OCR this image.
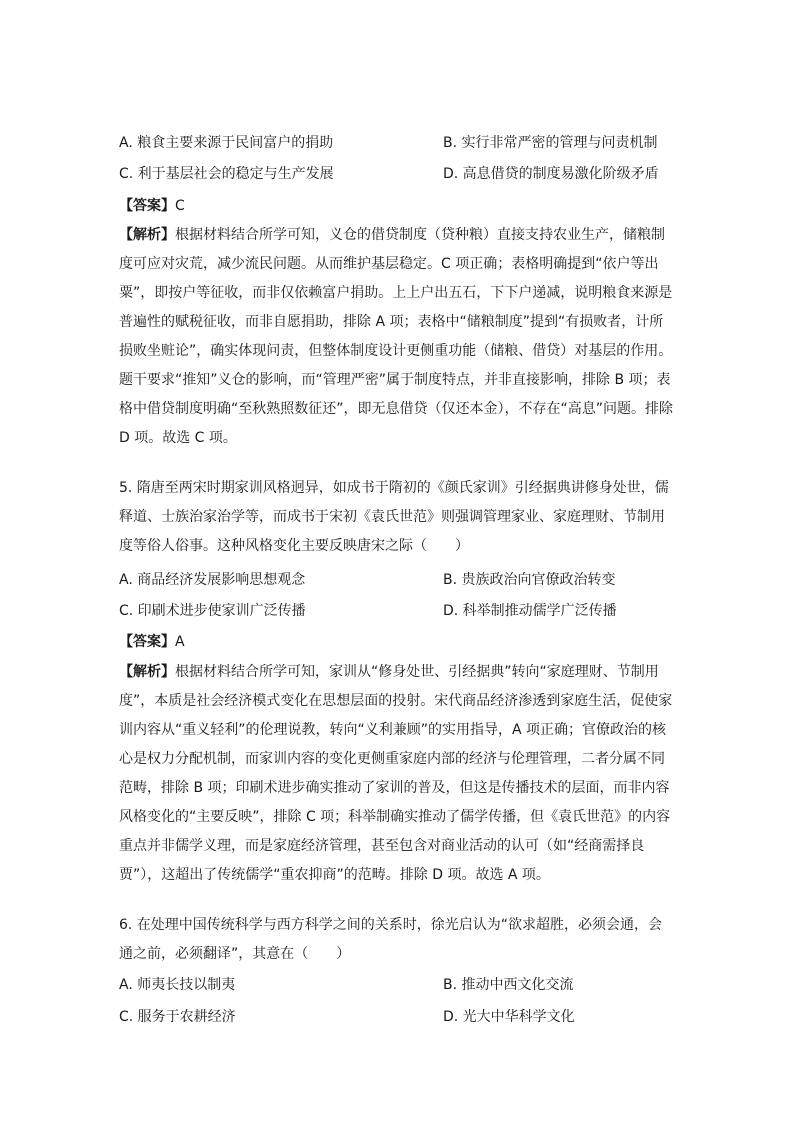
A. 粮食主要来源于民间富户的捐助	B. 实行非常严密的管理与问责机制
C. 利于基层社会的稳定与生产发展	D. 高息借贷的制度易激化阶级矛盾
【答案】C
【解析】根据材料结合所学可知，义仓的借贷制度（贷种粮）直接支持农业生产，储粮制
度可应对灾荒，减少流民问题。从而维护基层稳定。C 项正确；表格明确提到“依户等出
粟”，即按户等征收，而非仅依赖富户捐助。上上户出五石，下下户递减，说明粮食来源是
普遍性的赋税征收，而非自愿捐助，排除 A 项；表格中“储粮制度”提到“有损败者，计所
损败坐赃论”，确实体现问责，但整体制度设计更侧重功能（储粮、借贷）对基层的作用。
题干要求“推知”义仓的影响，而“管理严密”属于制度特点，并非直接影响，排除 B 项；表
格中借贷制度明确“至秋熟照数征还”，即无息借贷（仅还本金），不存在“高息”问题。排除
D 项。故选 C 项。
5. 隋唐至两宋时期家训风格迥异，如成书于隋初的《颜氏家训》引经据典讲修身处世，儒
释道、士族治家治学等，而成书于宋初《袁氏世范》则强调管理家业、家庭理财、节制用
度等俗人俗事。这种风格变化主要反映唐宋之际（　　）
A. 商品经济发展影响思想观念	B. 贵族政治向官僚政治转变
C. 印刷术进步使家训广泛传播	D. 科举制推动儒学广泛传播
【答案】A
【解析】根据材料结合所学可知，家训从“修身处世、引经据典”转向“家庭理财、节制用
度”，本质是社会经济模式变化在思想层面的投射。宋代商品经济渗透到家庭生活，促使家
训内容从“重义轻利”的伦理说教，转向“义利兼顾”的实用指导，A 项正确；官僚政治的核
心是权力分配机制，而家训内容的变化更侧重家庭内部的经济与伦理管理，二者分属不同
范畴，排除 B 项；印刷术进步确实推动了家训的普及，但这是传播技术的层面，而非内容
风格变化的“主要反映”，排除 C 项；科举制确实推动了儒学传播，但《袁氏世范》的内容
重点并非儒学义理，而是家庭经济管理，甚至包含对商业活动的认可（如“经商需择良
贾”），这超出了传统儒学“重农抑商”的范畴。排除 D 项。故选 A 项。
6. 在处理中国传统科学与西方科学之间的关系时，徐光启认为“欲求超胜，必须会通，会
通之前，必须翻译”，其意在（　　）
A. 师夷长技以制夷	B. 推动中西文化交流
C. 服务于农耕经济	D. 光大中华科学文化
